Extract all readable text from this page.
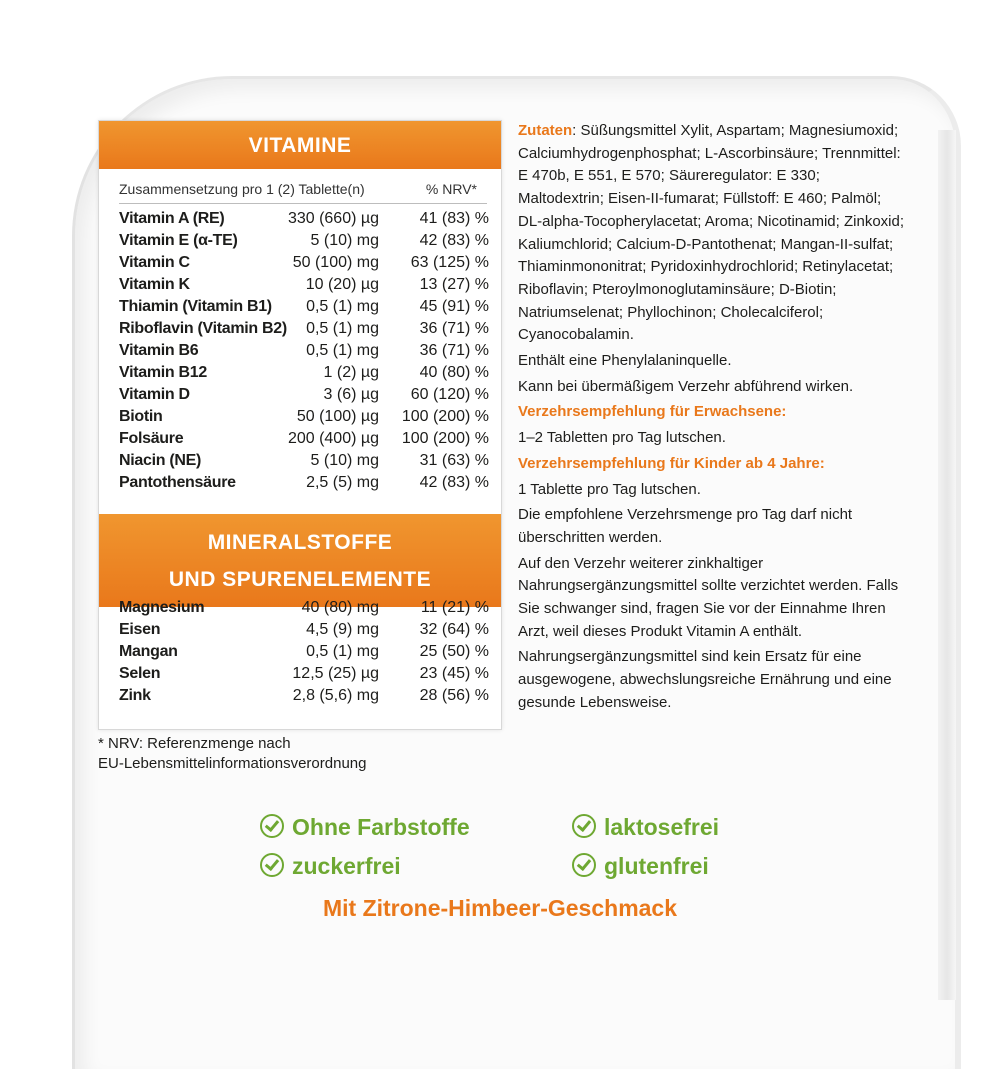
VITAMINE
Zusammensetzung pro 1 (2) Tablette(n)	% NRV*
Vitamin A (RE)	330 (660) µg	41 (83) %
Vitamin E (α-TE)	5 (10) mg	42 (83) %
Vitamin C	50 (100) mg 63 (125) %
Vitamin K	10 (20) µg	13 (27) %
Thiamin (Vitamin B1) 0,5 (1) mg	45 (91) %
Riboflavin (Vitamin B2) 0,5 (1) mg	36 (71) %
Vitamin B6	0,5 (1) mg	36 (71) %
Vitamin B12	1 (2) µg	40 (80) %
Vitamin D	3 (6) µg 60 (120) %
Biotin	50 (100) µg 100 (200) %
Folsäure	200 (400) µg 100 (200) %
Niacin (NE)	5 (10) mg	31 (63) %
Pantothensäure	2,5 (5) mg	42 (83) %
MINERALSTOFFE
UND SPURENELEMENTE
Magnesium	40 (80) mg	11 (21) %
Eisen	4,5 (9) mg	32 (64) %
Mangan	0,5 (1) mg	25 (50) %
Selen	12,5 (25) µg	23 (45) %
Zink	2,8 (5,6) mg	28 (56) %
* NRV: Referenzmenge nach
EU-Lebensmittelinformationsverordnung

Zutaten: Süßungsmittel Xylit, Aspartam; Magnesiumoxid; Calciumhydrogenphosphat; L-Ascorbinsäure; Trennmittel: E 470b, E 551, E 570; Säureregulator: E 330; Maltodextrin; Eisen-II-fumarat; Füllstoff: E 460; Palmöl; DL-alpha-Tocopherylacetat; Aroma; Nicotinamid; Zinkoxid; Kaliumchlorid; Calcium-D-Pantothenat; Mangan-II-sulfat; Thiaminmononitrat; Pyridoxinhydrochlorid; Retinylacetat; Riboflavin; Pteroylmonoglutaminsäure; D-Biotin; Natriumselenat; Phyllochinon; Cholecalciferol; Cyanocobalamin.

Enthält eine Phenylalaninquelle.

Kann bei übermäßigem Verzehr abführend wirken.

Verzehrsempfehlung für Erwachsene:

1–2 Tabletten pro Tag lutschen.

Verzehrsempfehlung für Kinder ab 4 Jahre:

1 Tablette pro Tag lutschen.

Die empfohlene Verzehrsmenge pro Tag darf nicht überschritten werden.

Auf den Verzehr weiterer zinkhaltiger Nahrungsergänzungsmittel sollte verzichtet werden. Falls Sie schwanger sind, fragen Sie vor der Einnahme Ihren Arzt, weil dieses Produkt Vitamin A enthält.

Nahrungsergänzungsmittel sind kein Ersatz für eine ausgewogene, abwechslungsreiche Ernährung und eine gesunde Lebensweise.

Ohne Farbstoffe	laktosefrei
zuckerfrei	glutenfrei
Mit Zitrone-Himbeer-Geschmack
